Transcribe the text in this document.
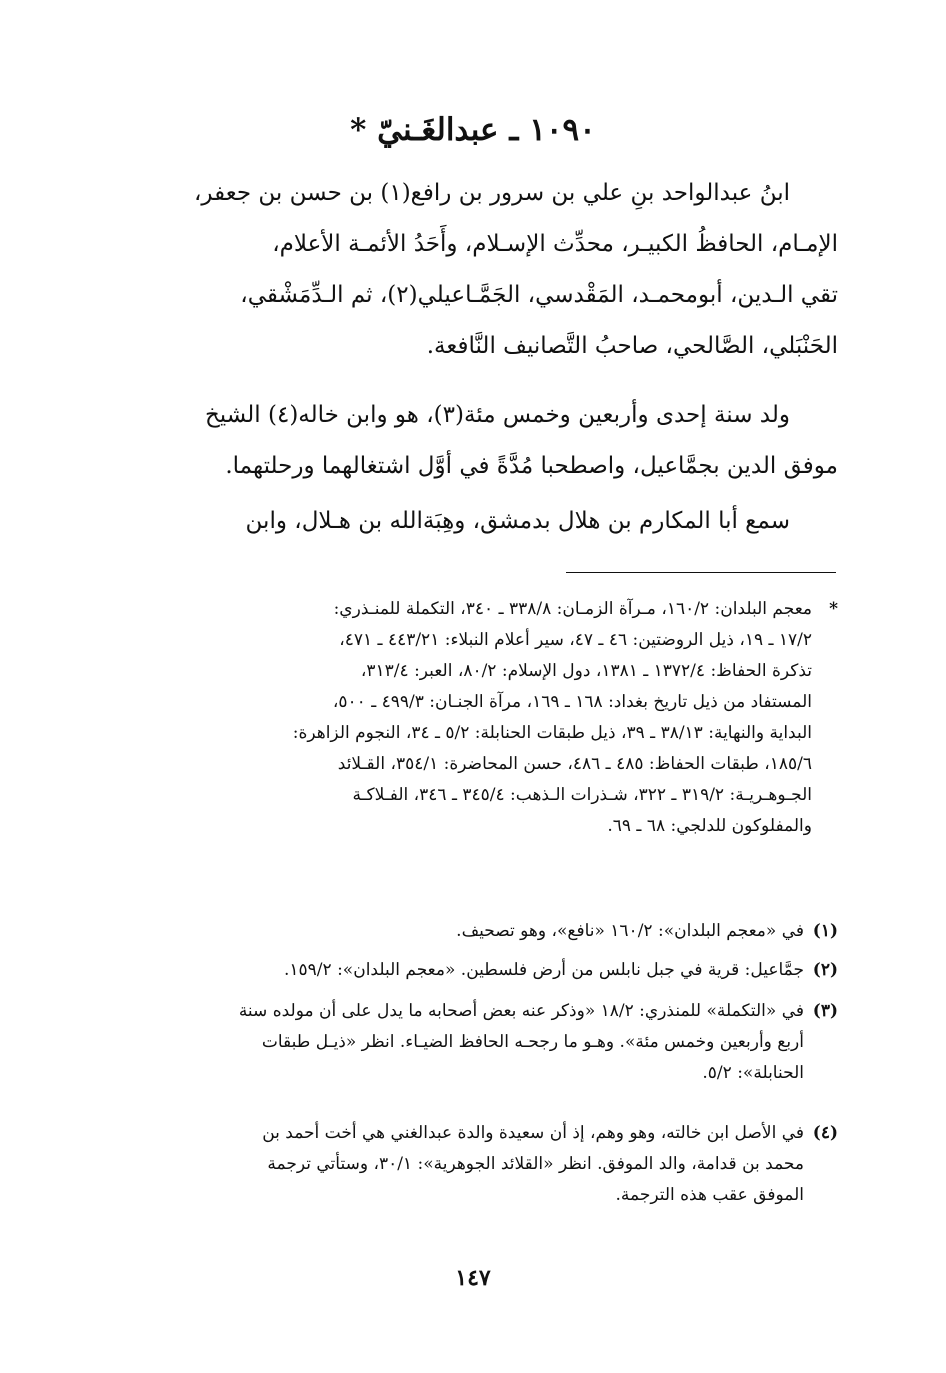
١٠٩٠ ـ عبدالغَـنيّ *
ابنُ عبدالواحد بنِ علي بن سرور بن رافع(١) بن حسن بن جعفر،
الإمـام، الحافظُ الكبيـر، محدِّث الإسـلام، وأَحَدُ الأئمـة الأعلام،
تقي الـدين، أبومحمـد، المَقْدسي، الجَمَّـاعيلي(٢)، ثم الـدِّمَشْقي،
الحَنْبَلي، الصَّالحي، صاحبُ التَّصانيف النَّافعة.
ولد سنة إحدى وأربعين وخمس مئة(٣)، هو وابن خاله(٤) الشيخ
موفق الدين بجمَّاعيل، واصطحبا مُدَّةً في أوَّل اشتغالهما ورحلتهما.
سمع أبا المكارم بن هلال بدمشق، وهِبَةالله بن هـلال، وابن
*
معجم البلدان: ١٦٠/٢، مـرآة الزمـان: ٣٣٨/٨ ـ ٣٤٠، التكملة للمنـذري:
١٧/٢ ـ ١٩، ذيل الروضتين: ٤٦ ـ ٤٧، سير أعلام النبلاء: ٤٤٣/٢١ ـ ٤٧١،
تذكرة الحفاظ: ١٣٧٢/٤ ـ ١٣٨١، دول الإسلام: ٨٠/٢، العبر: ٣١٣/٤،
المستفاد من ذيل تاريخ بغداد: ١٦٨ ـ ١٦٩، مرآة الجنـان: ٤٩٩/٣ ـ ٥٠٠،
البداية والنهاية: ٣٨/١٣ ـ ٣٩، ذيل طبقات الحنابلة: ٥/٢ ـ ٣٤، النجوم الزاهرة:
١٨٥/٦، طبقات الحفاظ: ٤٨٥ ـ ٤٨٦، حسن المحاضرة: ٣٥٤/١، القـلائد
الجـوهـريـة: ٣١٩/٢ ـ ٣٢٢، شـذرات الـذهب: ٣٤٥/٤ ـ ٣٤٦، الفـلاكـة
والمفلوكون للدلجي: ٦٨ ـ ٦٩.
(١)
في «معجم البلدان»: ١٦٠/٢ «نافع»، وهو تصحيف.
(٢)
جمَّاعيل: قرية في جبل نابلس من أرض فلسطين. «معجم البلدان»: ١٥٩/٢.
(٣)
في «التكملة» للمنذري: ١٨/٢ «وذكر عنه بعض أصحابه ما يدل على أن مولده سنة
أربع وأربعين وخمس مئة». وهـو ما رجحـه الحافظ الضيـاء. انظر «ذيـل طبقات
الحنابلة»: ٥/٢.
(٤)
في الأصل ابن خالته، وهو وهم، إذ أن سعيدة والدة عبدالغني هي أخت أحمد بن
محمد بن قدامة، والد الموفق. انظر «القلائد الجوهرية»: ٣٠/١، وستأتي ترجمة
الموفق عقب هذه الترجمة.
١٤٧
